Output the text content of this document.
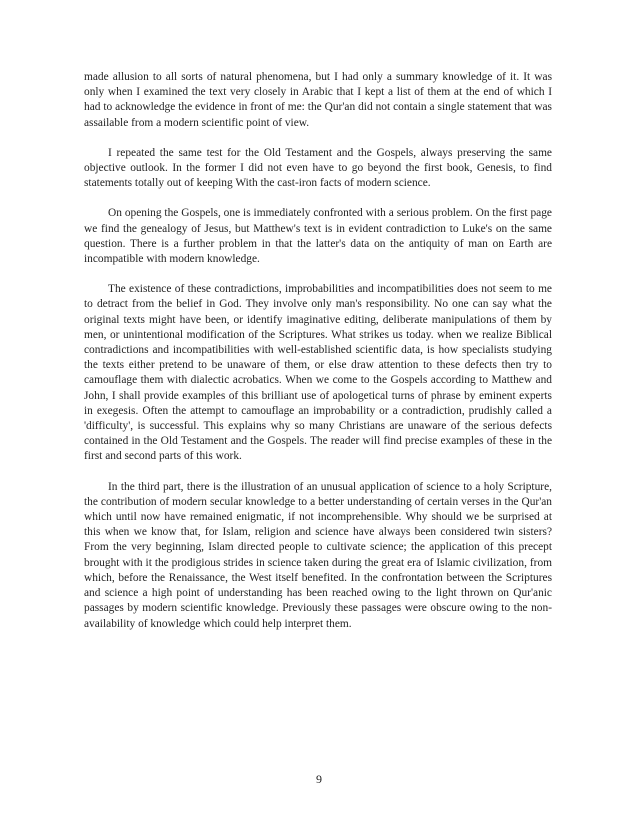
made allusion to all sorts of natural phenomena, but I had only a summary knowledge of it. It was only when I examined the text very closely in Arabic that I kept a list of them at the end of which I had to acknowledge the evidence in front of me: the Qur'an did not contain a single statement that was assailable from a modern scientific point of view.

I repeated the same test for the Old Testament and the Gospels, always preserving the same objective outlook. In the former I did not even have to go beyond the first book, Genesis, to find statements totally out of keeping With the cast-iron facts of modern science.

On opening the Gospels, one is immediately confronted with a serious problem. On the first page we find the genealogy of Jesus, but Matthew's text is in evident contradiction to Luke's on the same question. There is a further problem in that the latter's data on the antiquity of man on Earth are incompatible with modern knowledge.

The existence of these contradictions, improbabilities and incompatibilities does not seem to me to detract from the belief in God. They involve only man's responsibility. No one can say what the original texts might have been, or identify imaginative editing, deliberate manipulations of them by men, or unintentional modification of the Scriptures. What strikes us today. when we realize Biblical contradictions and incompatibilities with well-established scientific data, is how specialists studying the texts either pretend to be unaware of them, or else draw attention to these defects then try to camouflage them with dialectic acrobatics. When we come to the Gospels according to Matthew and John, I shall provide examples of this brilliant use of apologetical turns of phrase by eminent experts in exegesis. Often the attempt to camouflage an improbability or a contradiction, prudishly called a 'difficulty', is successful. This explains why so many Christians are unaware of the serious defects contained in the Old Testament and the Gospels. The reader will find precise examples of these in the first and second parts of this work.

In the third part, there is the illustration of an unusual application of science to a holy Scripture, the contribution of modern secular knowledge to a better understanding of certain verses in the Qur'an which until now have remained enigmatic, if not incomprehensible. Why should we be surprised at this when we know that, for Islam, religion and science have always been considered twin sisters? From the very beginning, Islam directed people to cultivate science; the application of this precept brought with it the prodigious strides in science taken during the great era of Islamic civilization, from which, before the Renaissance, the West itself benefited. In the confrontation between the Scriptures and science a high point of understanding has been reached owing to the light thrown on Qur'anic passages by modern scientific knowledge. Previously these passages were obscure owing to the non-availability of knowledge which could help interpret them.

9
